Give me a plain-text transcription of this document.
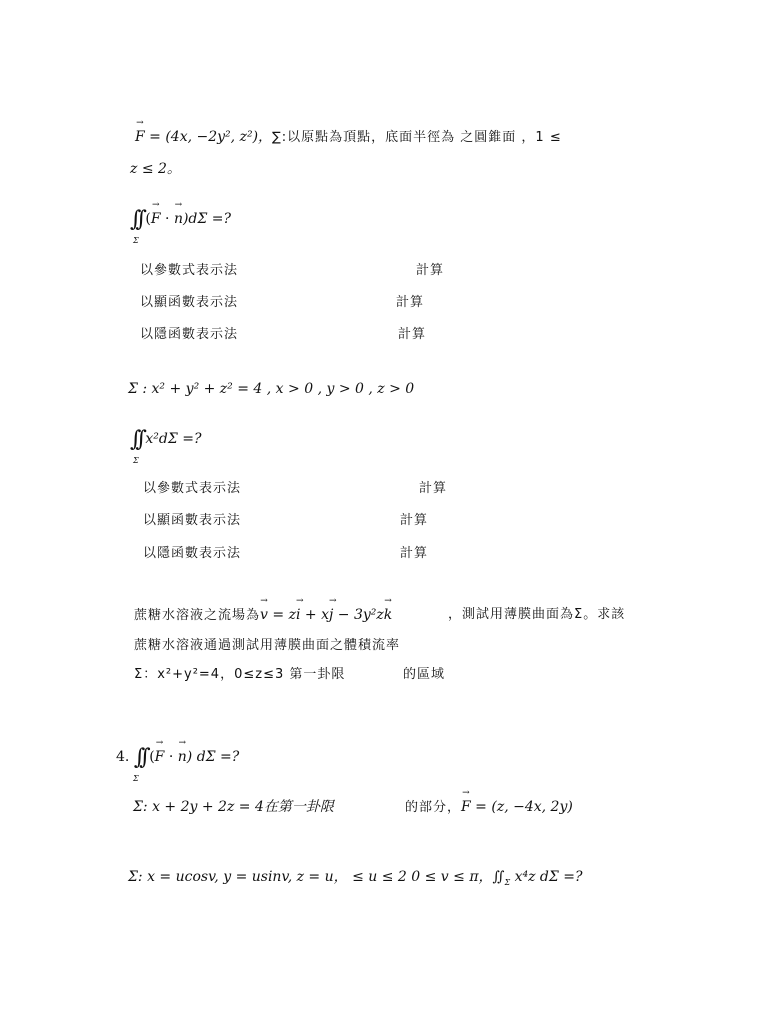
→ F = (4x, −2y², z²)，∑:以原點為頂點，底面半徑為 之圓錐面 ，1 ≤
z ≤ 2。
∫∫ (→ F · → n)dΣ =?
Σ
以參數式表示法	計算
以顯函數表示法	計算
以隱函數表示法	計算
Σ : x² + y² + z² = 4 , x > 0 , y > 0 , z > 0
∫∫ x²dΣ =?
Σ
以參數式表示法	計算
以顯函數表示法	計算
以隱函數表示法	計算
蔗糖水溶液之流場為→ v = z→ i + x→ j − 3y²z→ k	，測試用薄膜曲面為Σ。求該
蔗糖水溶液通過測試用薄膜曲面之體積流率
Σ：x²+y²=4，0≤z≤3 第一卦限	的區域
4. ∫∫ (→ F · → n) dΣ =?
Σ
Σ: x + 2y + 2z = 4在第一卦限	的部分，→ F = (z, −4x, 2y)
Σ: x = ucosv, y = usinv, z = u， ≤ u ≤ 2 0 ≤ v ≤ π，$∬_\Sigma$ x⁴z dΣ =?
